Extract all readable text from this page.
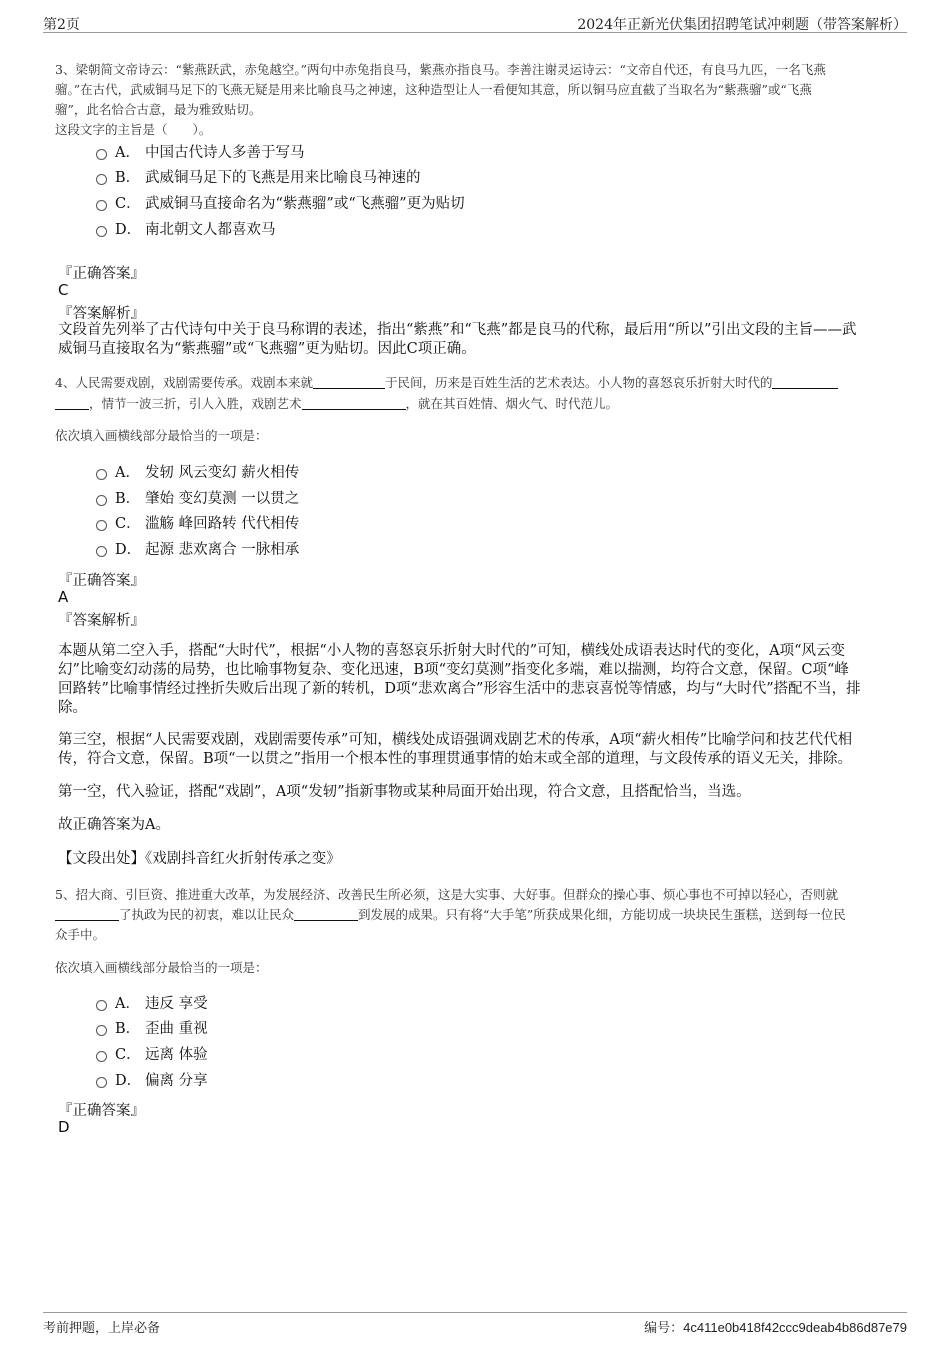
第2页	2024年正新光伏集团招聘笔试冲刺题（带答案解析）

3、梁朝简文帝诗云：“紫燕跃武，赤兔越空。”两句中赤兔指良马，紫燕亦指良马。李善注谢灵运诗云：“文帝自代还，有良马九匹，一名飞燕

骝。”在古代，武威铜马足下的飞燕无疑是用来比喻良马之神速，这种造型让人一看便知其意，所以铜马应直截了当取名为“紫燕骝”或“飞燕

骝”，此名恰合古意，最为雅致贴切。

这段文字的主旨是（　　）。

A． 中国古代诗人多善于写马
B． 武威铜马足下的飞燕是用来比喻良马神速的
C． 武威铜马直接命名为“紫燕骝”或“飞燕骝”更为贴切
D． 南北朝文人都喜欢马
『正确答案』
C
『答案解析』

文段首先列举了古代诗句中关于良马称谓的表述，指出“紫燕”和“飞燕”都是良马的代称，最后用“所以”引出文段的主旨——武

威铜马直接取名为“紫燕骝”或“飞燕骝”更为贴切。因此C项正确。

4、人民需要戏剧，戏剧需要传承。戏剧本来就	于民间，历来是百姓生活的艺术表达。小人物的喜怒哀乐折射大时代的

，情节一波三折，引人入胜，戏剧艺术	，就在其百姓情、烟火气、时代范儿。

依次填入画横线部分最恰当的一项是：

A． 发轫 风云变幻 薪火相传
B． 肇始 变幻莫测 一以贯之
C． 滥觞 峰回路转 代代相传
D． 起源 悲欢离合 一脉相承
『正确答案』
A
『答案解析』

本题从第二空入手，搭配“大时代”，根据“小人物的喜怒哀乐折射大时代的”可知，横线处成语表达时代的变化，A项“风云变

幻”比喻变幻动荡的局势，也比喻事物复杂、变化迅速，B项“变幻莫测”指变化多端，难以揣测，均符合文意，保留。C项“峰

回路转”比喻事情经过挫折失败后出现了新的转机，D项“悲欢离合”形容生活中的悲哀喜悦等情感，均与“大时代”搭配不当，排

除。

第三空，根据“人民需要戏剧，戏剧需要传承”可知，横线处成语强调戏剧艺术的传承，A项“薪火相传”比喻学问和技艺代代相

传，符合文意，保留。B项“一以贯之”指用一个根本性的事理贯通事情的始末或全部的道理，与文段传承的语义无关，排除。

第一空，代入验证，搭配“戏剧”，A项“发轫”指新事物或某种局面开始出现，符合文意，且搭配恰当，当选。

故正确答案为A。

【文段出处】《戏剧抖音红火折射传承之变》

5、招大商、引巨资、推进重大改革，为发展经济、改善民生所必须，这是大实事、大好事。但群众的操心事、烦心事也不可掉以轻心，否则就

了执政为民的初衷，难以让民众	到发展的成果。只有将“大手笔”所获成果化细，方能切成一块块民生蛋糕，送到每一位民

众手中。

依次填入画横线部分最恰当的一项是：

A． 违反 享受
B． 歪曲 重视
C． 远离 体验
D． 偏离 分享
『正确答案』
D
考前押题，上岸必备	编号：4c411e0b418f42ccc9deab4b86d87e79
